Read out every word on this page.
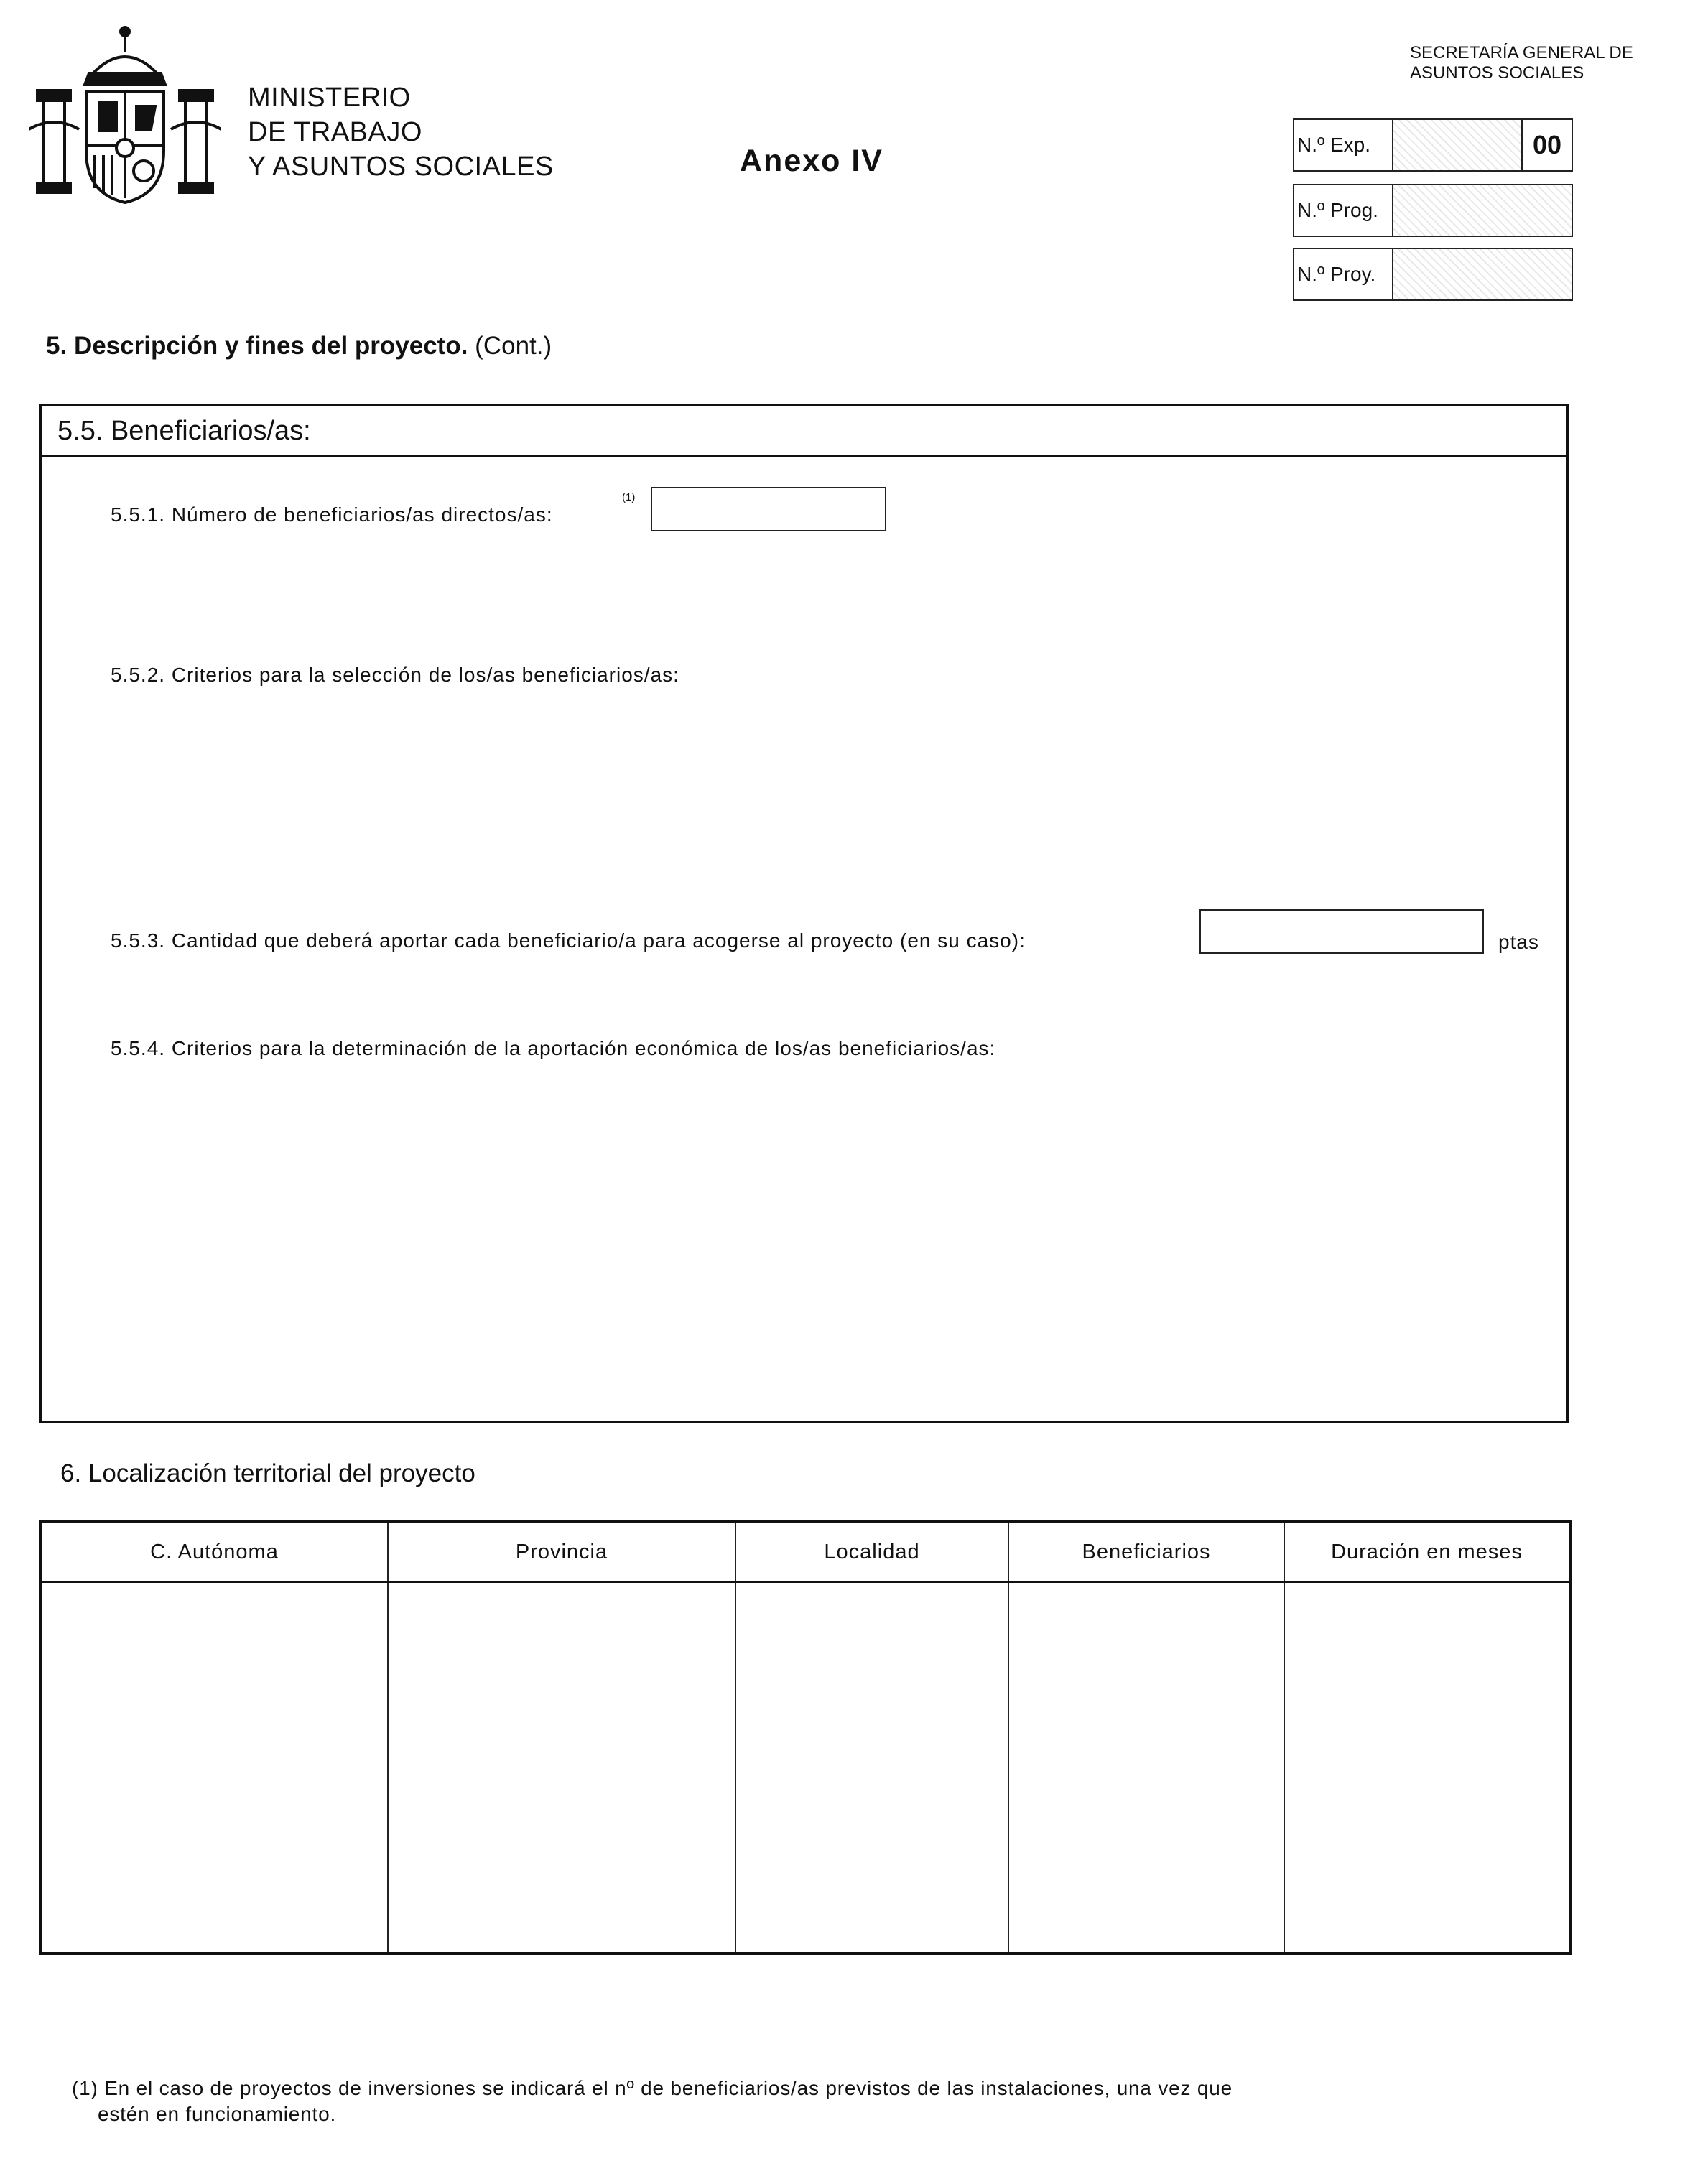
MINISTERIO
DE TRABAJO
Y ASUNTOS SOCIALES	Anexo IV
SECRETARÍA GENERAL DE
ASUNTOS SOCIALES
N.º Exp.	00
N.º Prog.
N.º Proy.
5. Descripción y fines del proyecto. (Cont.)
5.5. Beneficiarios/as:
5.5.1. Número de beneficiarios/as directos/as:
(1)
5.5.2. Criterios para la selección de los/as beneficiarios/as:
5.5.3. Cantidad que deberá aportar cada beneficiario/a para acogerse al proyecto (en su caso):	ptas
5.5.4. Criterios para la determinación de la aportación económica de los/as beneficiarios/as:
6. Localización territorial del proyecto
C. Autónoma	Provincia	Localidad	Beneficiarios	Duración en meses

(1) En el caso de proyectos de inversiones se indicará el nº de beneficiarios/as previstos de las instalaciones, una vez que
estén en funcionamiento.
